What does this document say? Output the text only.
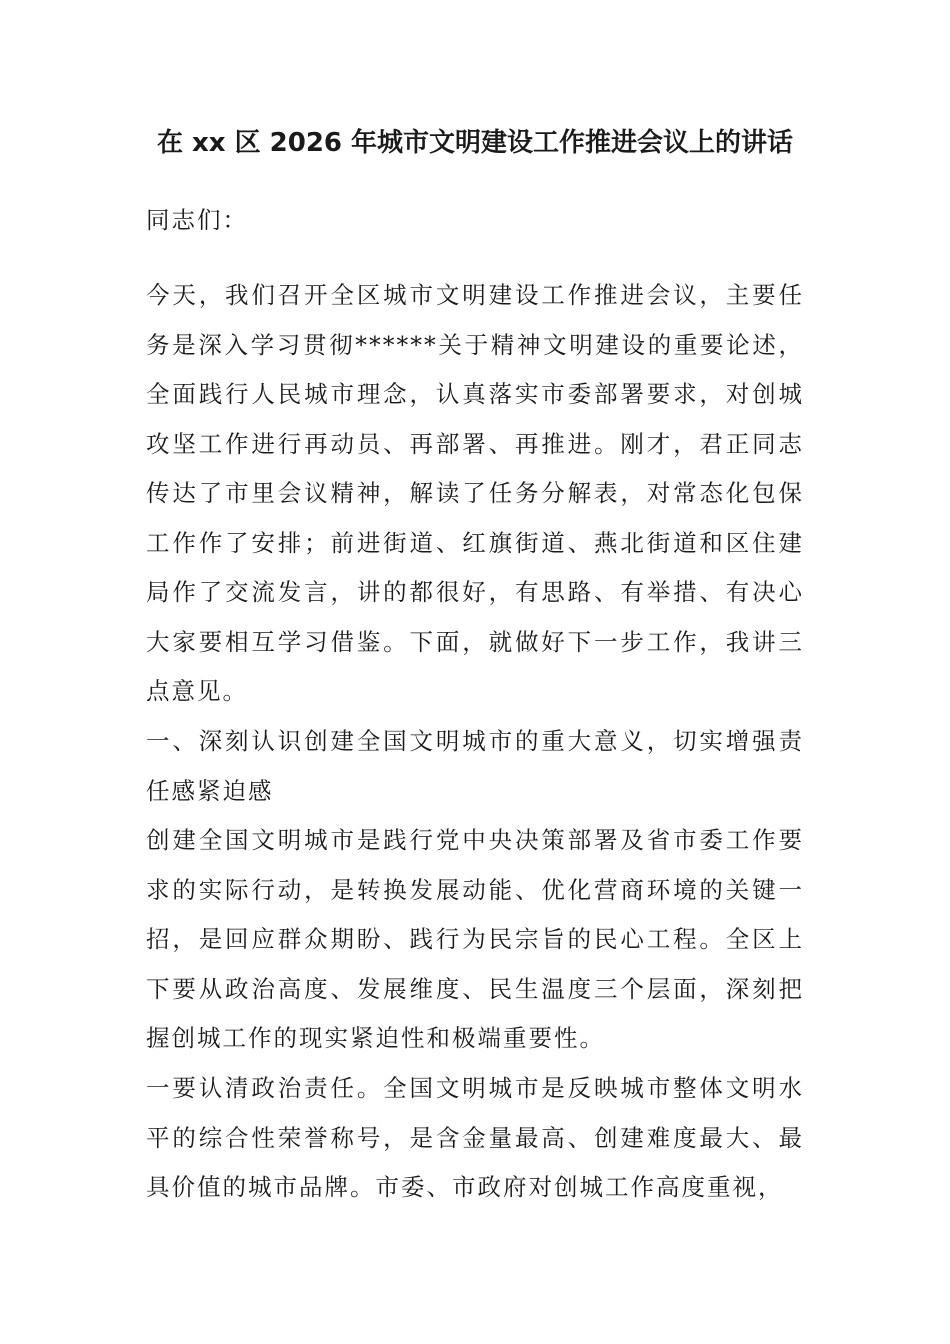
在 xx 区 2026 年城市文明建设工作推进会议上的讲话

同志们：

今天，我们召开全区城市文明建设工作推进会议，主要任务是深入学习贯彻******关于精神文明建设的重要论述，全面践行人民城市理念，认真落实市委部署要求，对创城攻坚工作进行再动员、再部署、再推进。刚才，君正同志传达了市里会议精神，解读了任务分解表，对常态化包保工作作了安排；前进街道、红旗街道、燕北街道和区住建局作了交流发言，讲的都很好，有思路、有举措、有决心大家要相互学习借鉴。下面，就做好下一步工作，我讲三点意见。

一、深刻认识创建全国文明城市的重大意义，切实增强责任感紧迫感

创建全国文明城市是践行党中央决策部署及省市委工作要求的实际行动，是转换发展动能、优化营商环境的关键一招，是回应群众期盼、践行为民宗旨的民心工程。全区上下要从政治高度、发展维度、民生温度三个层面，深刻把握创城工作的现实紧迫性和极端重要性。

一要认清政治责任。全国文明城市是反映城市整体文明水平的综合性荣誉称号，是含金量最高、创建难度最大、最具价值的城市品牌。市委、市政府对创城工作高度重视，
